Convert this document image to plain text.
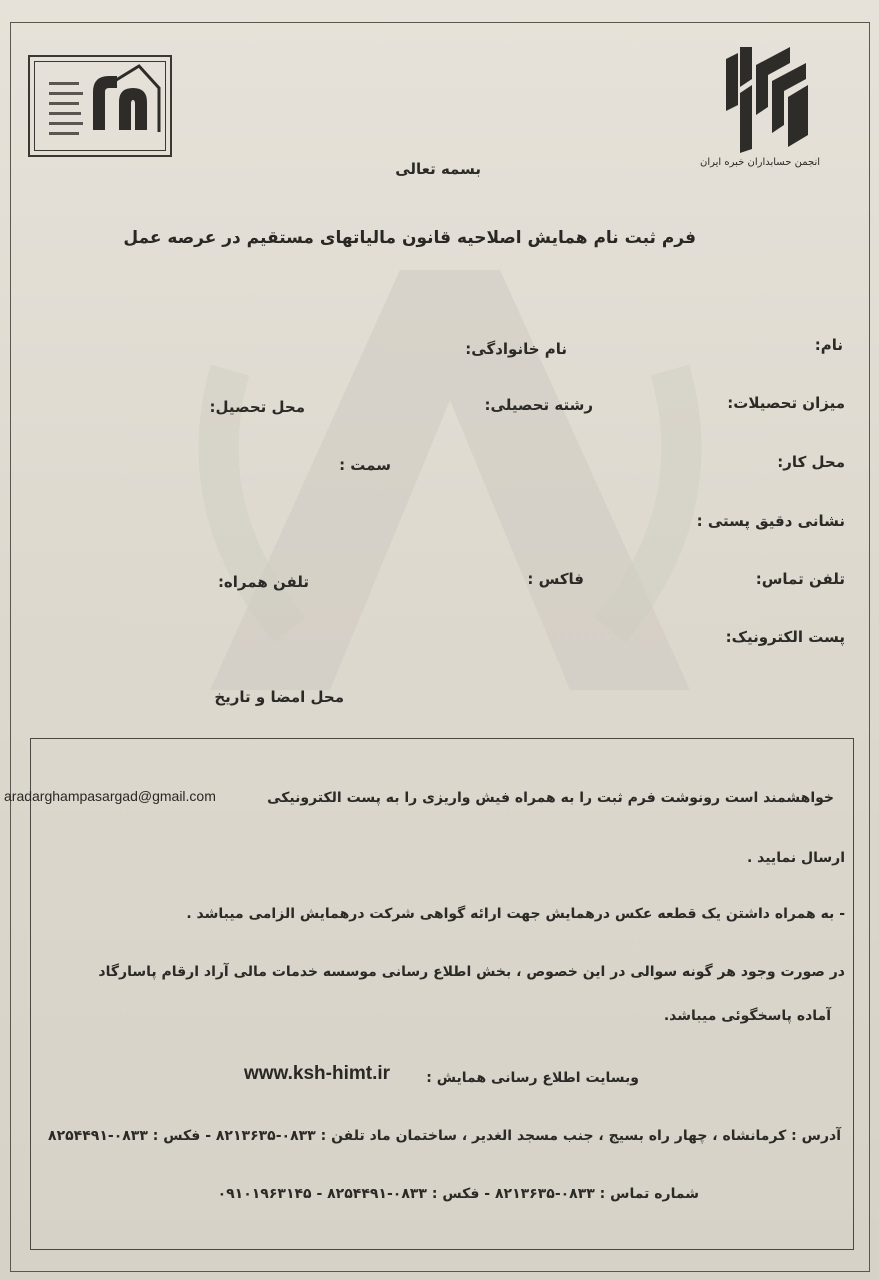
انجمن حسابداران خبره ایران
بسمه تعالی
فرم ثبت نام همایش اصلاحیه قانون مالیاتهای مستقیم در عرصه عمل
نام:
نام خانوادگی:
میزان تحصیلات:
رشته تحصیلی:
محل تحصیل:
محل کار:
سمت :
نشانی دقیق پستی :
تلفن تماس:
فاکس :
تلفن همراه:
پست الکترونیک:
محل امضا و تاریخ
خواهشمند است رونوشت فرم ثبت را به همراه فیش واریزی را به پست الکترونیکی
aradarghampasargad@gmail.com
ارسال نمایید .
- به همراه داشتن یک قطعه عکس درهمایش جهت ارائه گواهی شرکت درهمایش الزامی میباشد .
در صورت وجود هر گونه سوالی در این خصوص ، بخش اطلاع رسانی موسسه خدمات مالی آراد ارقام پاسارگاد
آماده پاسخگوئی میباشد.
وبسایت اطلاع رسانی همایش :
www.ksh-himt.ir
آدرس : کرمانشاه ، چهار راه بسیج ، جنب مسجد الغدیر ، ساختمان ماد تلفن : ۰۸۳۳-۸۲۱۳۶۳۵ - فکس : ۰۸۳۳-۸۲۵۴۴۹۱
شماره تماس : ۰۸۳۳-۸۲۱۳۶۳۵ - فکس : ۰۸۳۳-۸۲۵۴۴۹۱ - ۰۹۱۰۱۹۶۳۱۴۵
